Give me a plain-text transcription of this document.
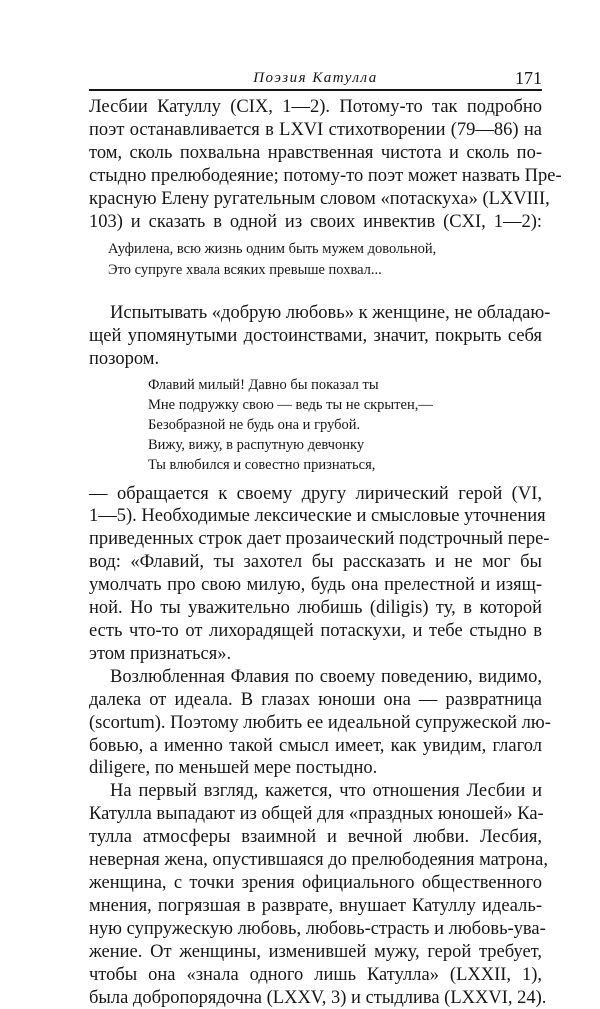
Поэзия Катулла	171
Лесбии Катуллу (CIX, 1—2). Потому-то так подробно
поэт останавливается в LXVI стихотворении (79—86) на
том, сколь похвальна нравственная чистота и сколь по-
стыдно прелюбодеяние; потому-то поэт может назвать Пре-
красную Елену ругательным словом «потаскуха» (LXVIII,
103) и сказать в одной из своих инвектив (CXI, 1—2):
Ауфилена, всю жизнь одним быть мужем довольной,
Это супруге хвала всяких превыше похвал...
Испытывать «добрую любовь» к женщине, не обладаю-
щей упомянутыми достоинствами, значит, покрыть себя
позором.
Флавий милый! Давно бы показал ты
Мне подружку свою — ведь ты не скрытен,—
Безобразной не будь она и грубой.
Вижу, вижу, в распутную девчонку
Ты влюбился и совестно признаться,
— обращается к своему другу лирический герой (VI,
1—5). Необходимые лексические и смысловые уточнения
приведенных строк дает прозаический подстрочный пере-
вод: «Флавий, ты захотел бы рассказать и не мог бы
умолчать про свою милую, будь она прелестной и изящ-
ной. Но ты уважительно любишь (diligis) ту, в которой
есть что-то от лихорадящей потаскухи, и тебе стыдно в
этом признаться».
Возлюбленная Флавия по своему поведению, видимо,
далека от идеала. В глазах юноши она — развратница
(scortum). Поэтому любить ее идеальной супружеской лю-
бовью, а именно такой смысл имеет, как увидим, глагол
diligere, по меньшей мере постыдно.
На первый взгляд, кажется, что отношения Лесбии и
Катулла выпадают из общей для «праздных юношей» Ка-
тулла атмосферы взаимной и вечной любви. Лесбия,
неверная жена, опустившаяся до прелюбодеяния матрона,
женщина, с точки зрения официального общественного
мнения, погрязшая в разврате, внушает Катуллу идеаль-
ную супружескую любовь, любовь-страсть и любовь-ува-
жение. От женщины, изменившей мужу, герой требует,
чтобы она «знала одного лишь Катулла» (LXXII, 1),
была добропорядочна (LXXV, 3) и стыдлива (LXXVI, 24).
